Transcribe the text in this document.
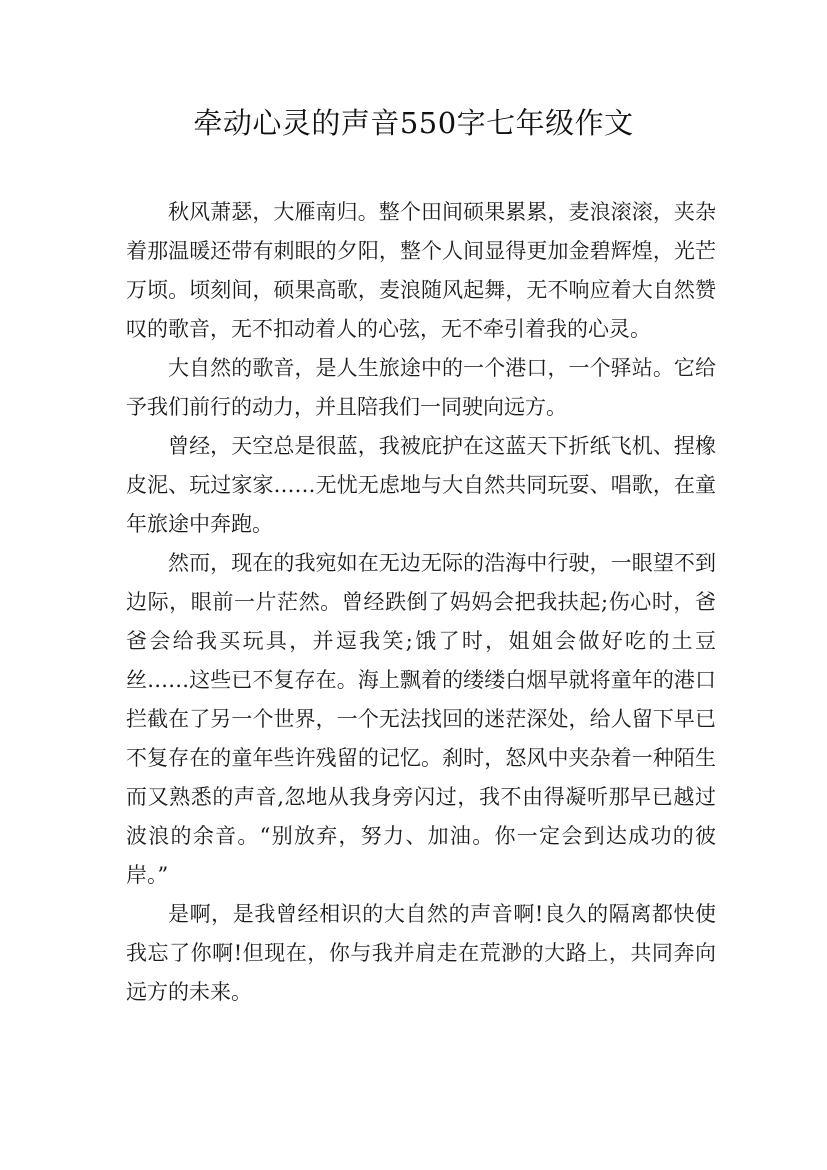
牵动心灵的声音550字七年级作文

秋风萧瑟，大雁南归。整个田间硕果累累，麦浪滚滚，夹杂着那温暖还带有刺眼的夕阳，整个人间显得更加金碧辉煌，光芒万顷。顷刻间，硕果高歌，麦浪随风起舞，无不响应着大自然赞叹的歌音，无不扣动着人的心弦，无不牵引着我的心灵。

大自然的歌音，是人生旅途中的一个港口，一个驿站。它给予我们前行的动力，并且陪我们一同驶向远方。

曾经，天空总是很蓝，我被庇护在这蓝天下折纸飞机、捏橡皮泥、玩过家家……无忧无虑地与大自然共同玩耍、唱歌，在童年旅途中奔跑。

然而，现在的我宛如在无边无际的浩海中行驶，一眼望不到边际，眼前一片茫然。曾经跌倒了妈妈会把我扶起;伤心时，爸爸会给我买玩具，并逗我笑;饿了时，姐姐会做好吃的土豆丝……这些已不复存在。海上飘着的缕缕白烟早就将童年的港口拦截在了另一个世界，一个无法找回的迷茫深处，给人留下早已不复存在的童年些许残留的记忆。刹时，怒风中夹杂着一种陌生而又熟悉的声音,忽地从我身旁闪过，我不由得凝听那早已越过波浪的余音。“别放弃，努力、加油。你一定会到达成功的彼岸。”

是啊，是我曾经相识的大自然的声音啊!良久的隔离都快使我忘了你啊!但现在，你与我并肩走在荒渺的大路上，共同奔向远方的未来。
